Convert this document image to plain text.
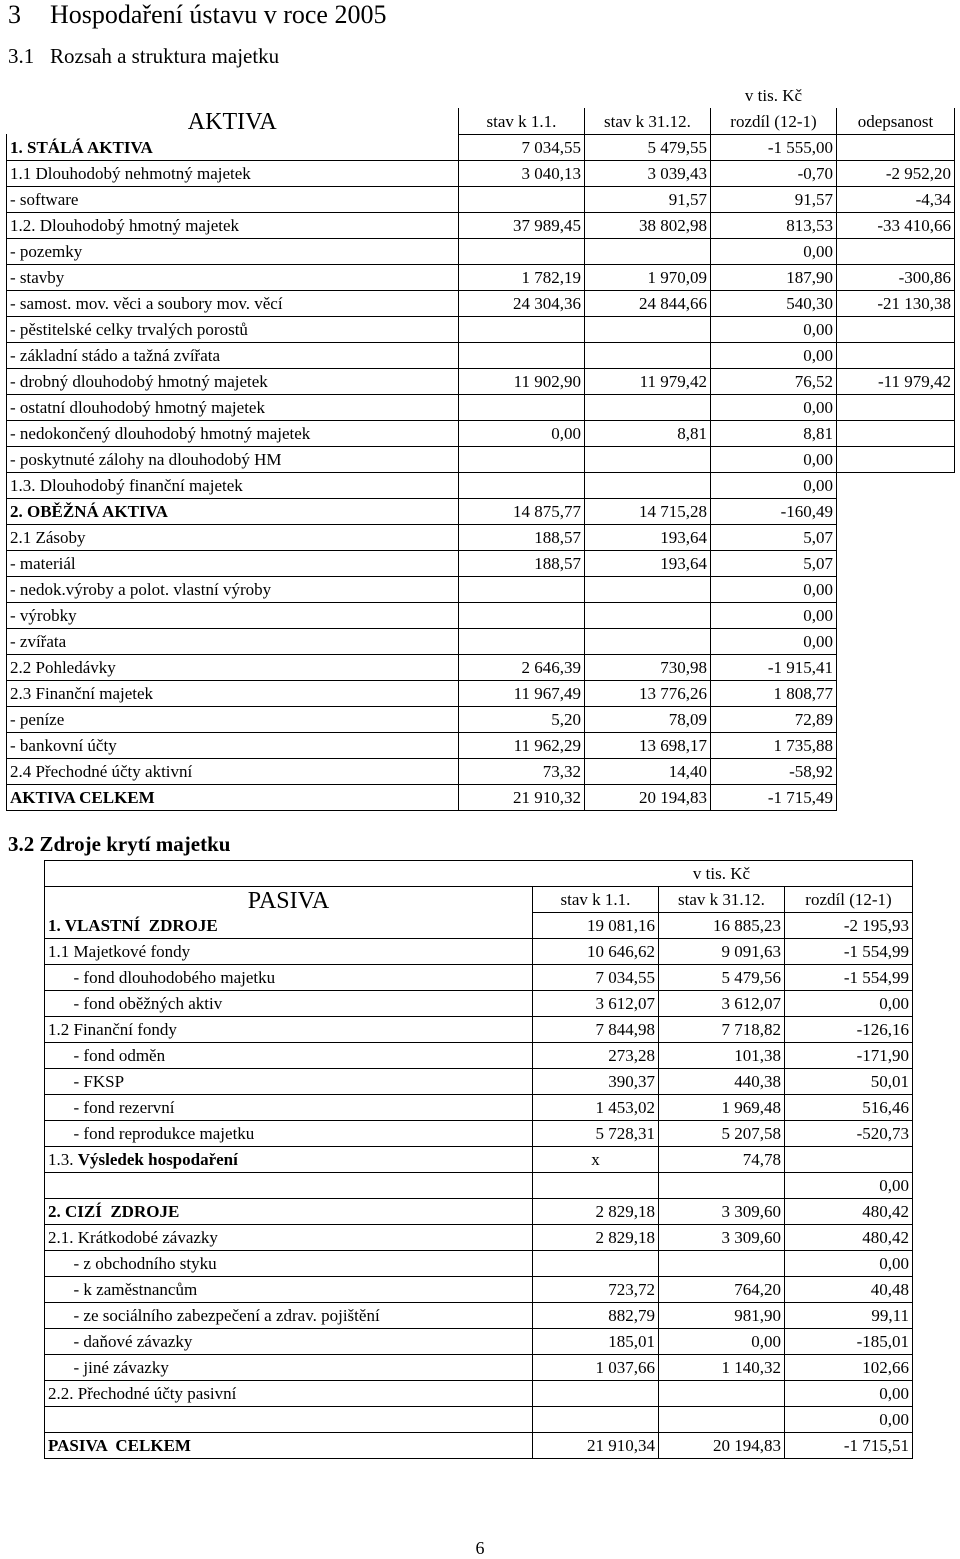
3 Hospodaření ústavu v roce 2005
3.1 Rozsah a struktura majetku
			v tis. Kč	
AKTIVA	stav k 1.1.	stav k 31.12.	rozdíl (12-1)	odepsanost
1. STÁLÁ AKTIVA	7 034,55	5 479,55	-1 555,00	
1.1 Dlouhodobý nehmotný majetek	3 040,13	3 039,43	-0,70	-2 952,20
- software		91,57	91,57	-4,34
1.2. Dlouhodobý hmotný majetek	37 989,45	38 802,98	813,53	-33 410,66
- pozemky			0,00	
- stavby	1 782,19	1 970,09	187,90	-300,86
- samost. mov. věci a soubory mov. věcí	24 304,36	24 844,66	540,30	-21 130,38
- pěstitelské celky trvalých porostů			0,00	
- základní stádo a tažná zvířata			0,00	
- drobný dlouhodobý hmotný majetek	11 902,90	11 979,42	76,52	-11 979,42
- ostatní dlouhodobý hmotný majetek			0,00	
- nedokončený dlouhodobý hmotný majetek	0,00	8,81	8,81	
- poskytnuté zálohy na dlouhodobý HM			0,00	
1.3. Dlouhodobý finanční majetek			0,00	
2. OBĚŽNÁ AKTIVA	14 875,77	14 715,28	-160,49	
2.1 Zásoby	188,57	193,64	5,07	
- materiál	188,57	193,64	5,07	
- nedok.výroby a polot. vlastní výroby			0,00	
- výrobky			0,00	
- zvířata			0,00	
2.2 Pohledávky	2 646,39	730,98	-1 915,41	
2.3 Finanční majetek	11 967,49	13 776,26	1 808,77	
- peníze	5,20	78,09	72,89	
- bankovní účty	11 962,29	13 698,17	1 735,88	
2.4 Přechodné účty aktivní	73,32	14,40	-58,92	
AKTIVA CELKEM	21 910,32	20 194,83	-1 715,49	
3.2 Zdroje krytí majetku
		v tis. Kč	
PASIVA	stav k 1.1.	stav k 31.12.	rozdíl (12-1)
1. VLASTNÍ  ZDROJE	19 081,16	16 885,23	-2 195,93
1.1 Majetkové fondy	10 646,62	9 091,63	-1 554,99
- fond dlouhodobého majetku	7 034,55	5 479,56	-1 554,99
- fond oběžných aktiv	3 612,07	3 612,07	0,00
1.2 Finanční fondy	7 844,98	7 718,82	-126,16
- fond odměn	273,28	101,38	-171,90
- FKSP	390,37	440,38	50,01
- fond rezervní	1 453,02	1 969,48	516,46
- fond reprodukce majetku	5 728,31	5 207,58	-520,73
1.3. Výsledek hospodaření	x	74,78	
			0,00
2. CIZÍ  ZDROJE	2 829,18	3 309,60	480,42
2.1. Krátkodobé závazky	2 829,18	3 309,60	480,42
- z obchodního styku			0,00
- k zaměstnancům	723,72	764,20	40,48
- ze sociálního zabezpečení a zdrav. pojištění	882,79	981,90	99,11
- daňové závazky	185,01	0,00	-185,01
- jiné závazky	1 037,66	1 140,32	102,66
2.2. Přechodné účty pasivní			0,00
			0,00
PASIVA  CELKEM	21 910,34	20 194,83	-1 715,51
6
